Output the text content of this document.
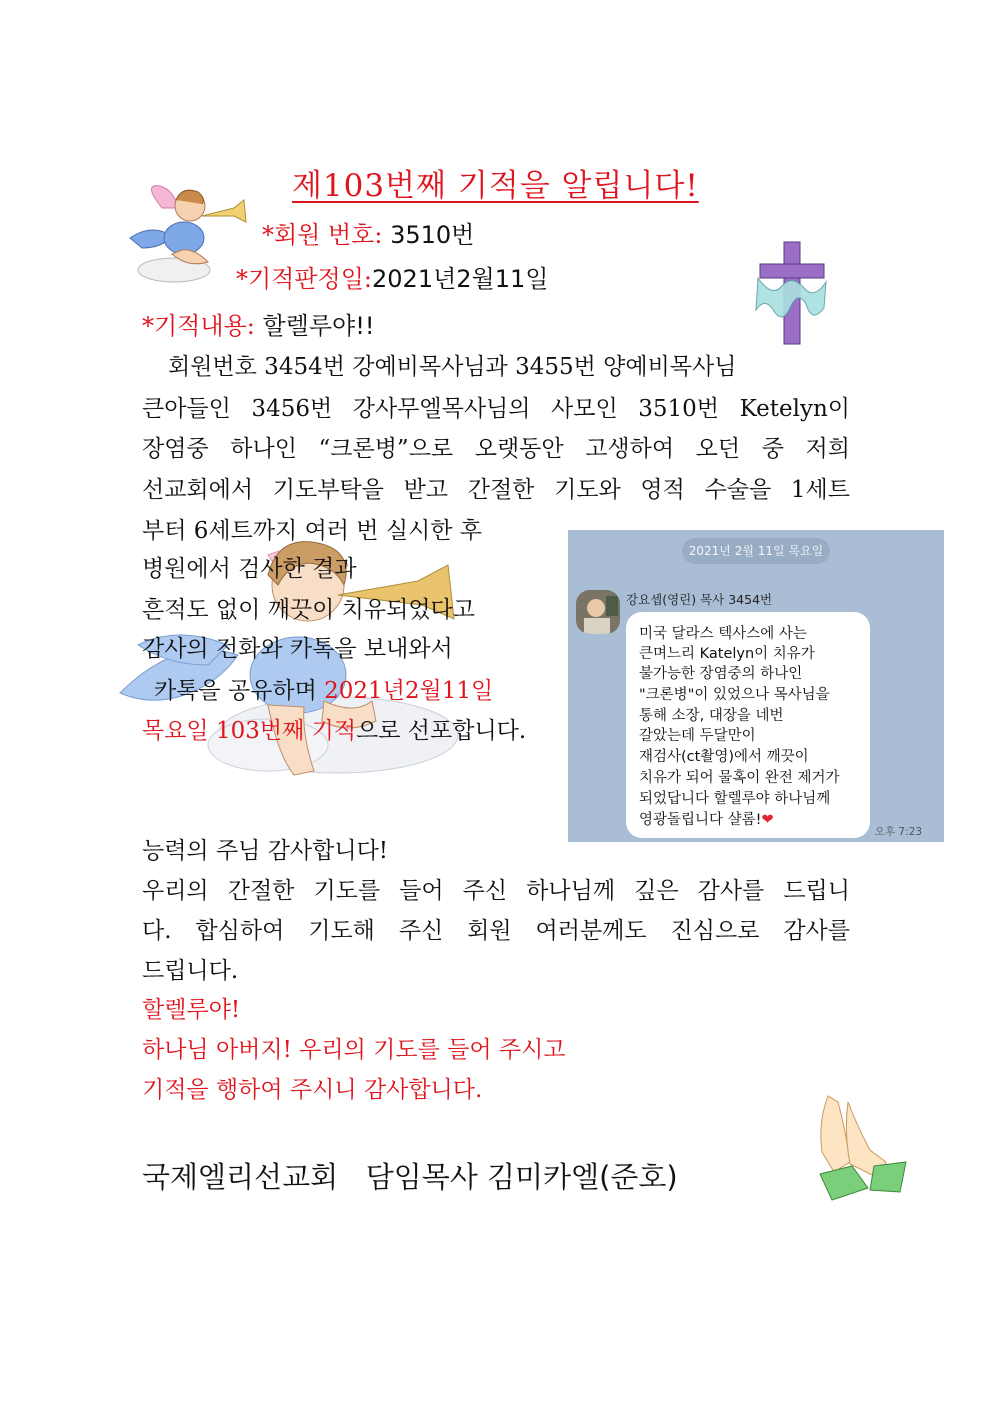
제103번째 기적을 알립니다!
*회원 번호: 3510번
*기적판정일:2021년2월11일
*기적내용: 할렐루야!!
회원번호 3454번 강예비목사님과 3455번 양예비목사님
큰아들인 3456번 강사무엘목사님의 사모인 3510번 Ketelyn이
장염중 하나인 “크론병”으로 오랫동안 고생하여 오던 중 저희
선교회에서 기도부탁을 받고 간절한 기도와 영적 수술을 1세트
부터 6세트까지 여러 번 실시한 후
병원에서 검사한 결과
흔적도 없이 깨끗이 치유되었다고
감사의 전화와 카톡을 보내와서
카톡을 공유하며 2021년2월11일
목요일 103번째 기적으로 선포합니다.
2021년 2월 11일 목요일
강요셉(영린) 목사 3454번
미국 달라스 텍사스에 사는
큰며느리 Katelyn이 치유가
불가능한 장염중의 하나인
"크론병"이 있었으나 목사님을
통해 소장, 대장을 네번
갈았는데 두달만이
재검사(ct촬영)에서 깨끗이
치유가 되어 물혹이 완전 제거가
되었답니다 할렐루야 하나님께
영광돌립니다 샬롬!❤
오후 7:23
능력의 주님 감사합니다!
우리의 간절한 기도를 들어 주신 하나님께 깊은 감사를 드립니
다. 합심하여 기도해 주신 회원 여러분께도 진심으로 감사를
드립니다.
할렐루야!
하나님 아버지! 우리의 기도를 들어 주시고
기적을 행하여 주시니 감사합니다.
국제엘리선교회   담임목사 김미카엘(준호)
